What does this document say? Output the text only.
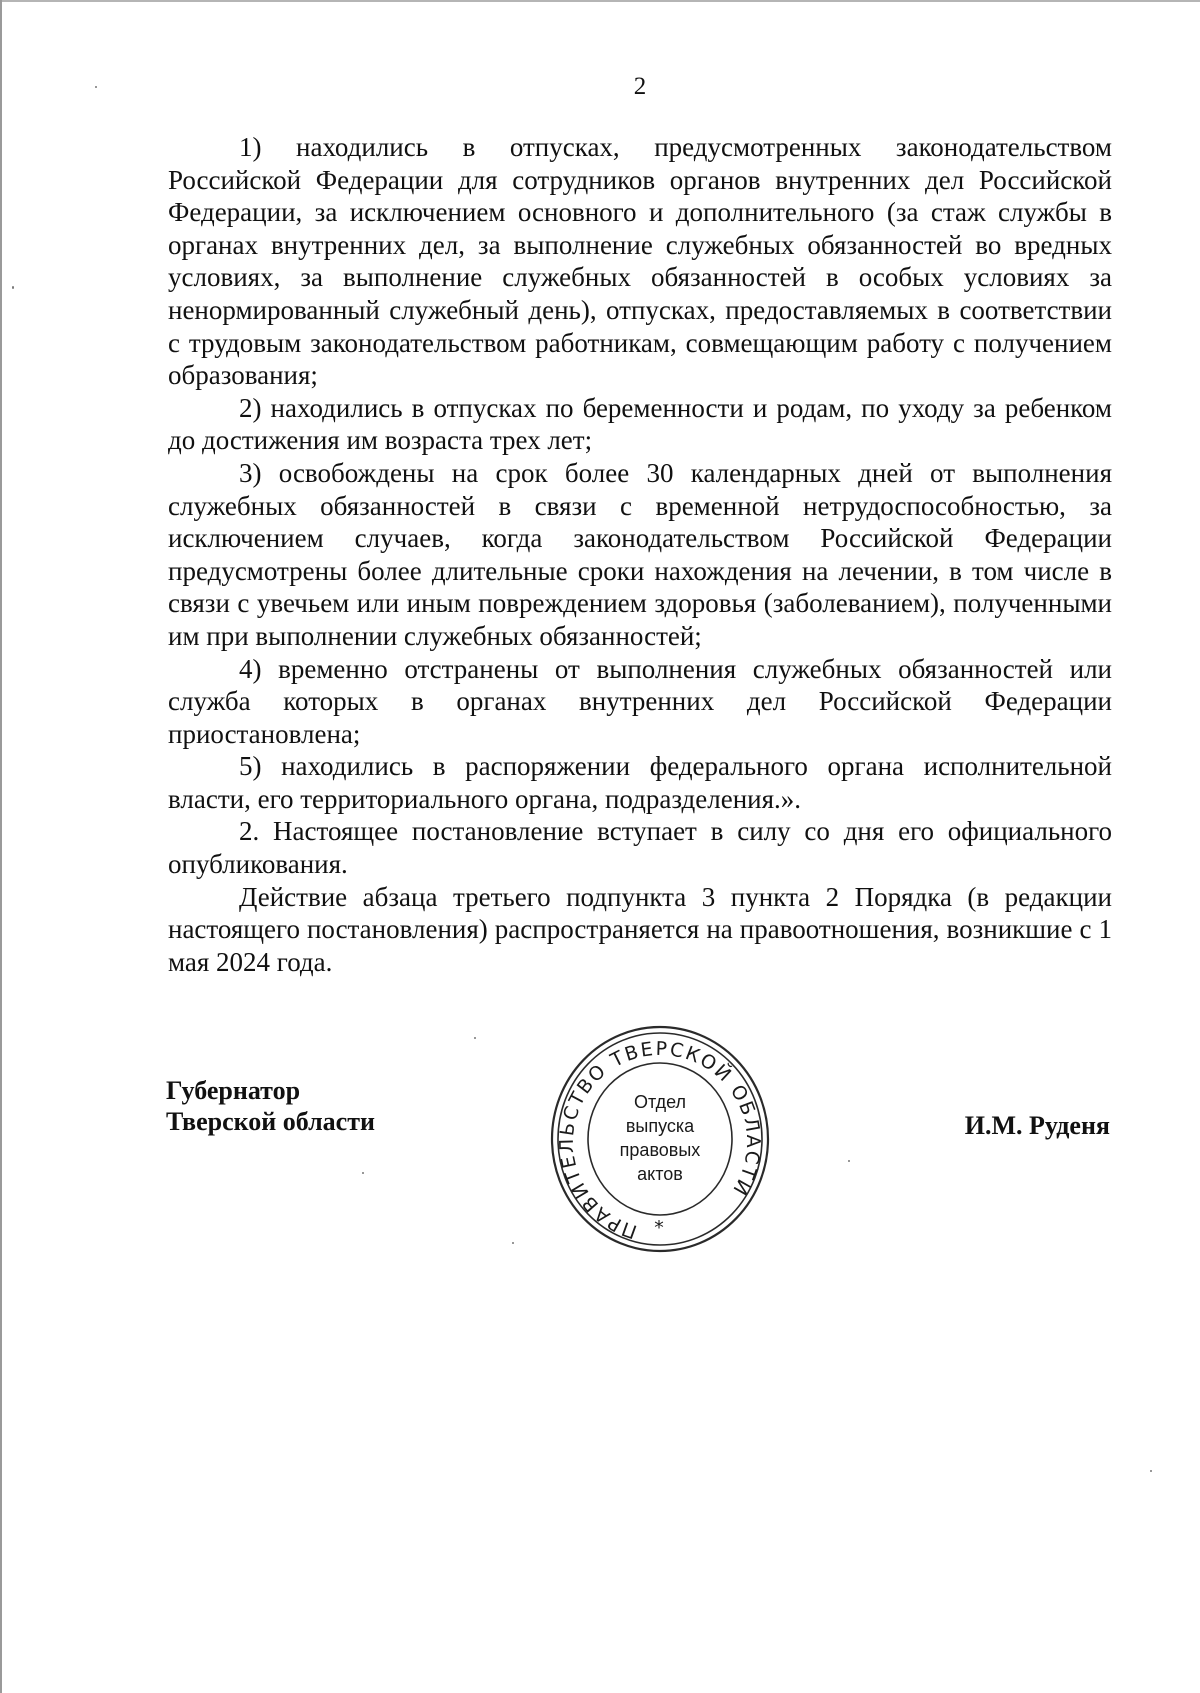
2

1) находились в отпусках, предусмотренных законодательством Российской Федерации для сотрудников органов внутренних дел Российской Федерации, за исключением основного и дополнительного (за стаж службы в органах внутренних дел, за выполнение служебных обязанностей во вредных условиях, за выполнение служебных обязанностей в особых условиях за ненормированный служебный день), отпусках, предоставляемых в соответствии с трудовым законодательством работникам, совмещающим работу с получением образования;

2) находились в отпусках по беременности и родам, по уходу за ребенком до достижения им возраста трех лет;

3) освобождены на срок более 30 календарных дней от выполнения служебных обязанностей в связи с временной нетрудоспособностью, за исключением случаев, когда законодательством Российской Федерации предусмотрены более длительные сроки нахождения на лечении, в том числе в связи с увечьем или иным повреждением здоровья (заболеванием), полученными им при выполнении служебных обязанностей;

4) временно отстранены от выполнения служебных обязанностей или служба которых в органах внутренних дел Российской Федерации приостановлена;

5) находились в распоряжении федерального органа исполнительной власти, его территориального органа, подразделения.».

2. Настоящее постановление вступает в силу со дня его официального опубликования.

Действие абзаца третьего подпункта 3 пункта 2 Порядка (в редакции настоящего постановления) распространяется на правоотношения, возникшие с 1 мая 2024 года.

Губернатор
Тверской области
ПРАВИТЕЛЬСТВО ТВЕРСКОЙ ОБЛАСТИ
*
Отдел
выпуска
правовых
актов
И.М. Руденя
